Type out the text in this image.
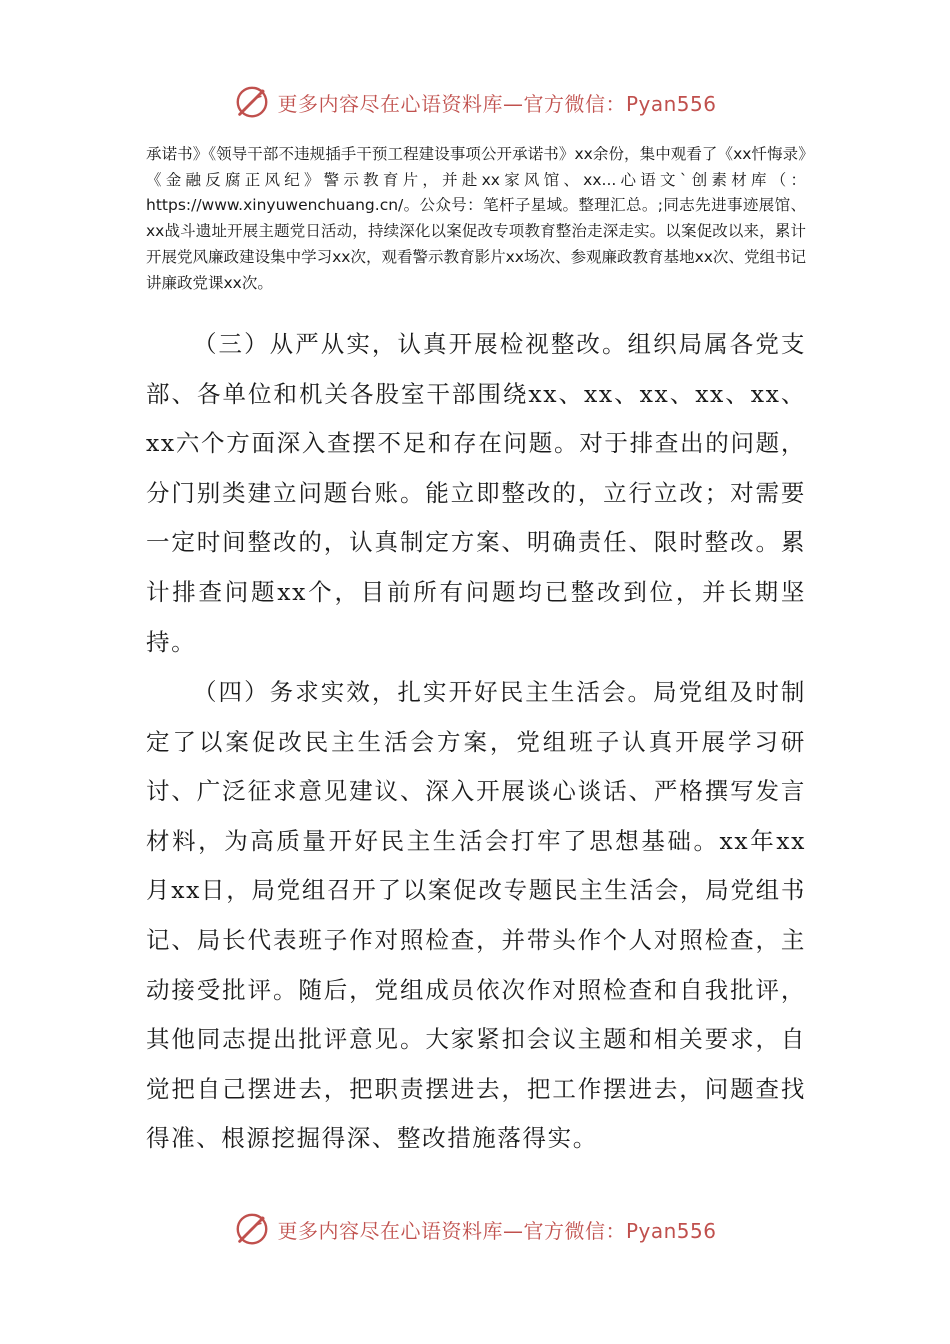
更多内容尽在心语资料库—官方微信：Pyan556

承诺书》《领导干部不违规插手干预工程建设事项公开承诺书》xx余份，集中观看了《xx忏悔录》《金融反腐正风纪》警示教育片，并赴xx家风馆、xx...心语文`创素材库（：https://www.xinyuwenchuang.cn/。公众号：笔杆子星域。整理汇总。;同志先进事迹展馆、xx战斗遗址开展主题党日活动，持续深化以案促改专项教育整治走深走实。以案促改以来，累计开展党风廉政建设集中学习xx次，观看警示教育影片xx场次、参观廉政教育基地xx次、党组书记讲廉政党课xx次。

（三）从严从实，认真开展检视整改。组织局属各党支部、各单位和机关各股室干部围绕xx、xx、xx、xx、xx、xx六个方面深入查摆不足和存在问题。对于排查出的问题，分门别类建立问题台账。能立即整改的，立行立改；对需要一定时间整改的，认真制定方案、明确责任、限时整改。累计排查问题xx个，目前所有问题均已整改到位，并长期坚持。

（四）务求实效，扎实开好民主生活会。局党组及时制定了以案促改民主生活会方案，党组班子认真开展学习研讨、广泛征求意见建议、深入开展谈心谈话、严格撰写发言材料，为高质量开好民主生活会打牢了思想基础。xx年xx月xx日，局党组召开了以案促改专题民主生活会，局党组书记、局长代表班子作对照检查，并带头作个人对照检查，主动接受批评。随后，党组成员依次作对照检查和自我批评，其他同志提出批评意见。大家紧扣会议主题和相关要求，自觉把自己摆进去，把职责摆进去，把工作摆进去，问题查找得准、根源挖掘得深、整改措施落得实。

更多内容尽在心语资料库—官方微信：Pyan556
